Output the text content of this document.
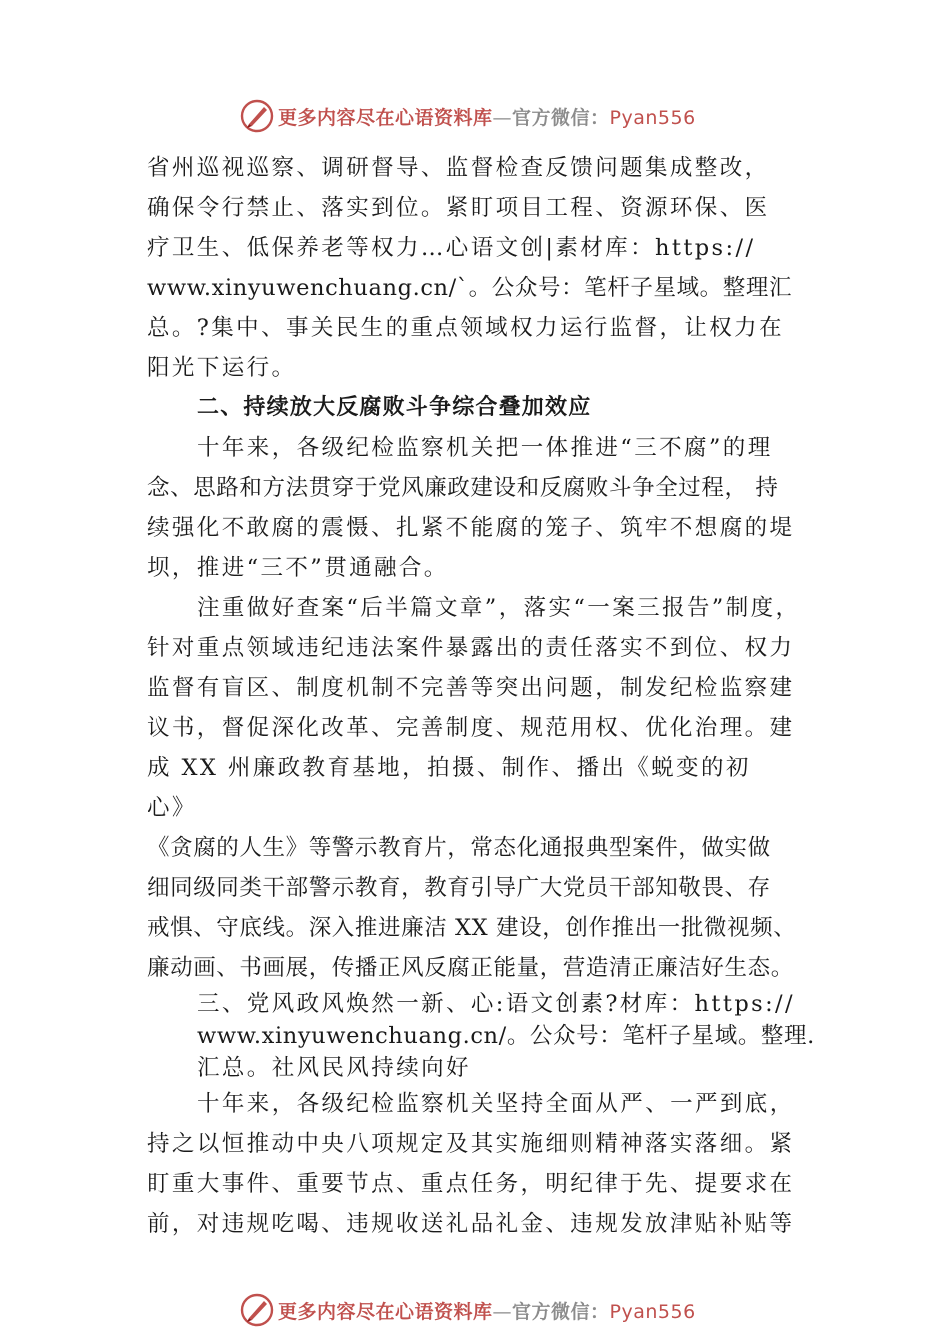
更多内容尽在心语资料库—官方微信：Pyan556
省州巡视巡察、调研督导、监督检查反馈问题集成整改，
确保令行禁止、落实到位。紧盯项目工程、资源环保、医
疗卫生、低保养老等权力…心语文创|素材库：https://
www.xinyuwenchuang.cn/`。公众号：笔杆子星域。整理汇
总。?集中、事关民生的重点领域权力运行监督，让权力在
阳光下运行。
二、持续放大反腐败斗争综合叠加效应
十年来，各级纪检监察机关把一体推进“三不腐”的理
念、思路和方法贯穿于党风廉政建设和反腐败斗争全过程， 持
续强化不敢腐的震慑、扎紧不能腐的笼子、筑牢不想腐的堤
坝，推进“三不”贯通融合。
注重做好查案“后半篇文章”，落实“一案三报告”制度，
针对重点领域违纪违法案件暴露出的责任落实不到位、权力
监督有盲区、制度机制不完善等突出问题，制发纪检监察建
议书，督促深化改革、完善制度、规范用权、优化治理。建
成 XX 州廉政教育基地，拍摄、制作、播出《蜕变的初
心》
《贪腐的人生》等警示教育片，常态化通报典型案件，做实做
细同级同类干部警示教育，教育引导广大党员干部知敬畏、存
戒惧、守底线。深入推进廉洁 XX 建设，创作推出一批微视频、
廉动画、书画展，传播正风反腐正能量，营造清正廉洁好生态。
三、党风政风焕然一新、心:语文创素?材库：https://
www.xinyuwenchuang.cn/。公众号：笔杆子星域。整理.
汇总。社风民风持续向好
十年来，各级纪检监察机关坚持全面从严、一严到底，
持之以恒推动中央八项规定及其实施细则精神落实落细。紧
盯重大事件、重要节点、重点任务，明纪律于先、提要求在
前，对违规吃喝、违规收送礼品礼金、违规发放津贴补贴等
更多内容尽在心语资料库—官方微信：Pyan556
